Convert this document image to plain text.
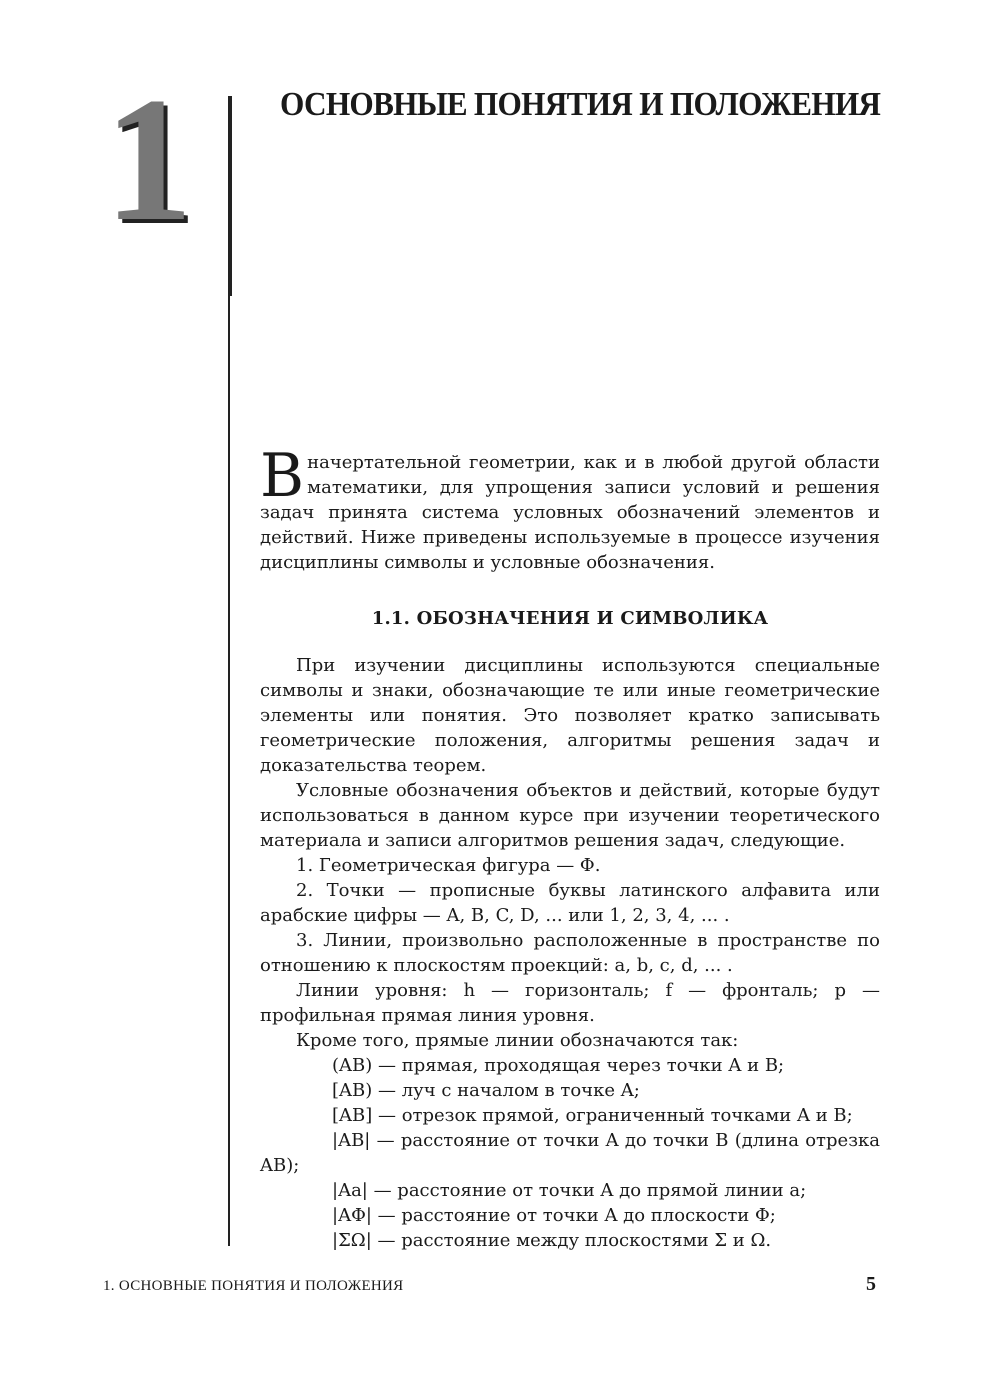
1	ОСНОВНЫЕ ПОНЯТИЯ И ПОЛОЖЕНИЯ

В начертательной геометрии, как и в любой другой области математики, для упрощения записи условий и решения задач принята система условных обозначений элементов и действий. Ниже приведены используемые в процессе изучения дисциплины символы и условные обозначения.

1.1. ОБОЗНАЧЕНИЯ И СИМВОЛИКА

При изучении дисциплины используются специальные символы и знаки, обозначающие те или иные геометрические элементы или понятия. Это позволяет кратко записывать геометрические положения, алгоритмы решения задач и доказательства теорем.

Условные обозначения объектов и действий, которые будут использоваться в данном курсе при изучении теоретического материала и записи алгоритмов решения задач, следующие.

1. Геометрическая фигура — Φ.

2. Точки — прописные буквы латинского алфавита или арабские цифры — A, B, C, D, ... или 1, 2, 3, 4, ... .

3. Линии, произвольно расположенные в пространстве по отношению к плоскостям проекций: a, b, c, d, ... .

Линии уровня: h — горизонталь; f — фронталь; p — профильная прямая линия уровня.

Кроме того, прямые линии обозначаются так:

(AB) — прямая, проходящая через точки A и B;

[AB) — луч с началом в точке A;

[AB] — отрезок прямой, ограниченный точками A и B;

|AB| — расстояние от точки A до точки B (длина отрезка AB);

|Aa| — расстояние от точки A до прямой линии a;

|AΦ| — расстояние от точки A до плоскости Φ;

|ΣΩ| — расстояние между плоскостями Σ и Ω.

1. ОСНОВНЫЕ ПОНЯТИЯ И ПОЛОЖЕНИЯ	5
